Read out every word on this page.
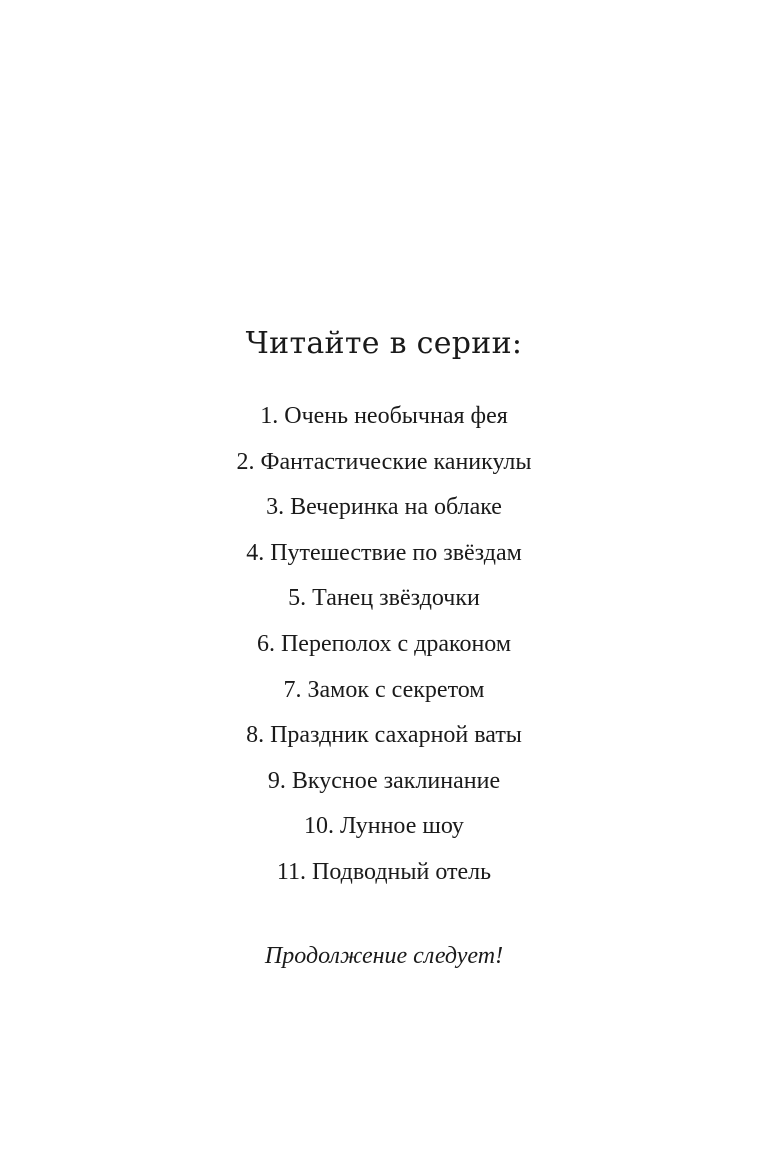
Читайте в серии:
1. Очень необычная фея
2. Фантастические каникулы
3. Вечеринка на облаке
4. Путешествие по звёздам
5. Танец звёздочки
6. Переполох с драконом
7. Замок с секретом
8. Праздник сахарной ваты
9. Вкусное заклинание
10. Лунное шоу
11. Подводный отель

Продолжение следует!
